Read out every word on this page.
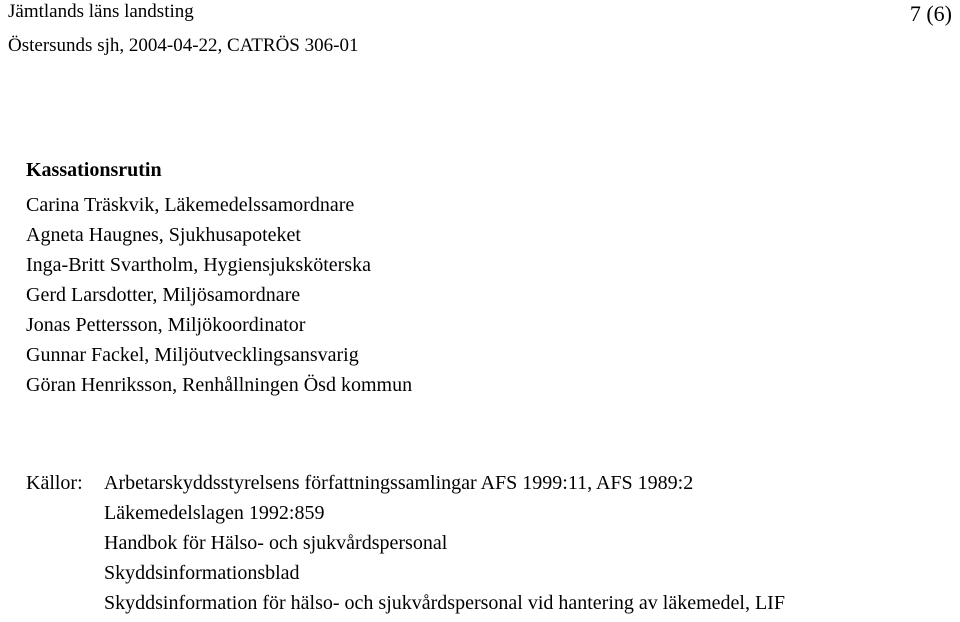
Jämtlands läns landsting
Östersunds sjh, 2004-04-22, CATRÖS 306-01
7 (6)
Kassationsrutin
Carina Träskvik, Läkemedelssamordnare
Agneta Haugnes, Sjukhusapoteket
Inga-Britt Svartholm, Hygiensjuksköterska
Gerd Larsdotter, Miljösamordnare
Jonas Pettersson, Miljökoordinator
Gunnar Fackel, Miljöutvecklingsansvarig
Göran Henriksson, Renhållningen Ösd kommun
Källor: Arbetarskyddsstyrelsens författningssamlingar AFS 1999:11, AFS 1989:2
Läkemedelslagen 1992:859
Handbok för Hälso- och sjukvårdspersonal
Skyddsinformationsblad
Skyddsinformation för hälso- och sjukvårdspersonal vid hantering av läkemedel, LIF
